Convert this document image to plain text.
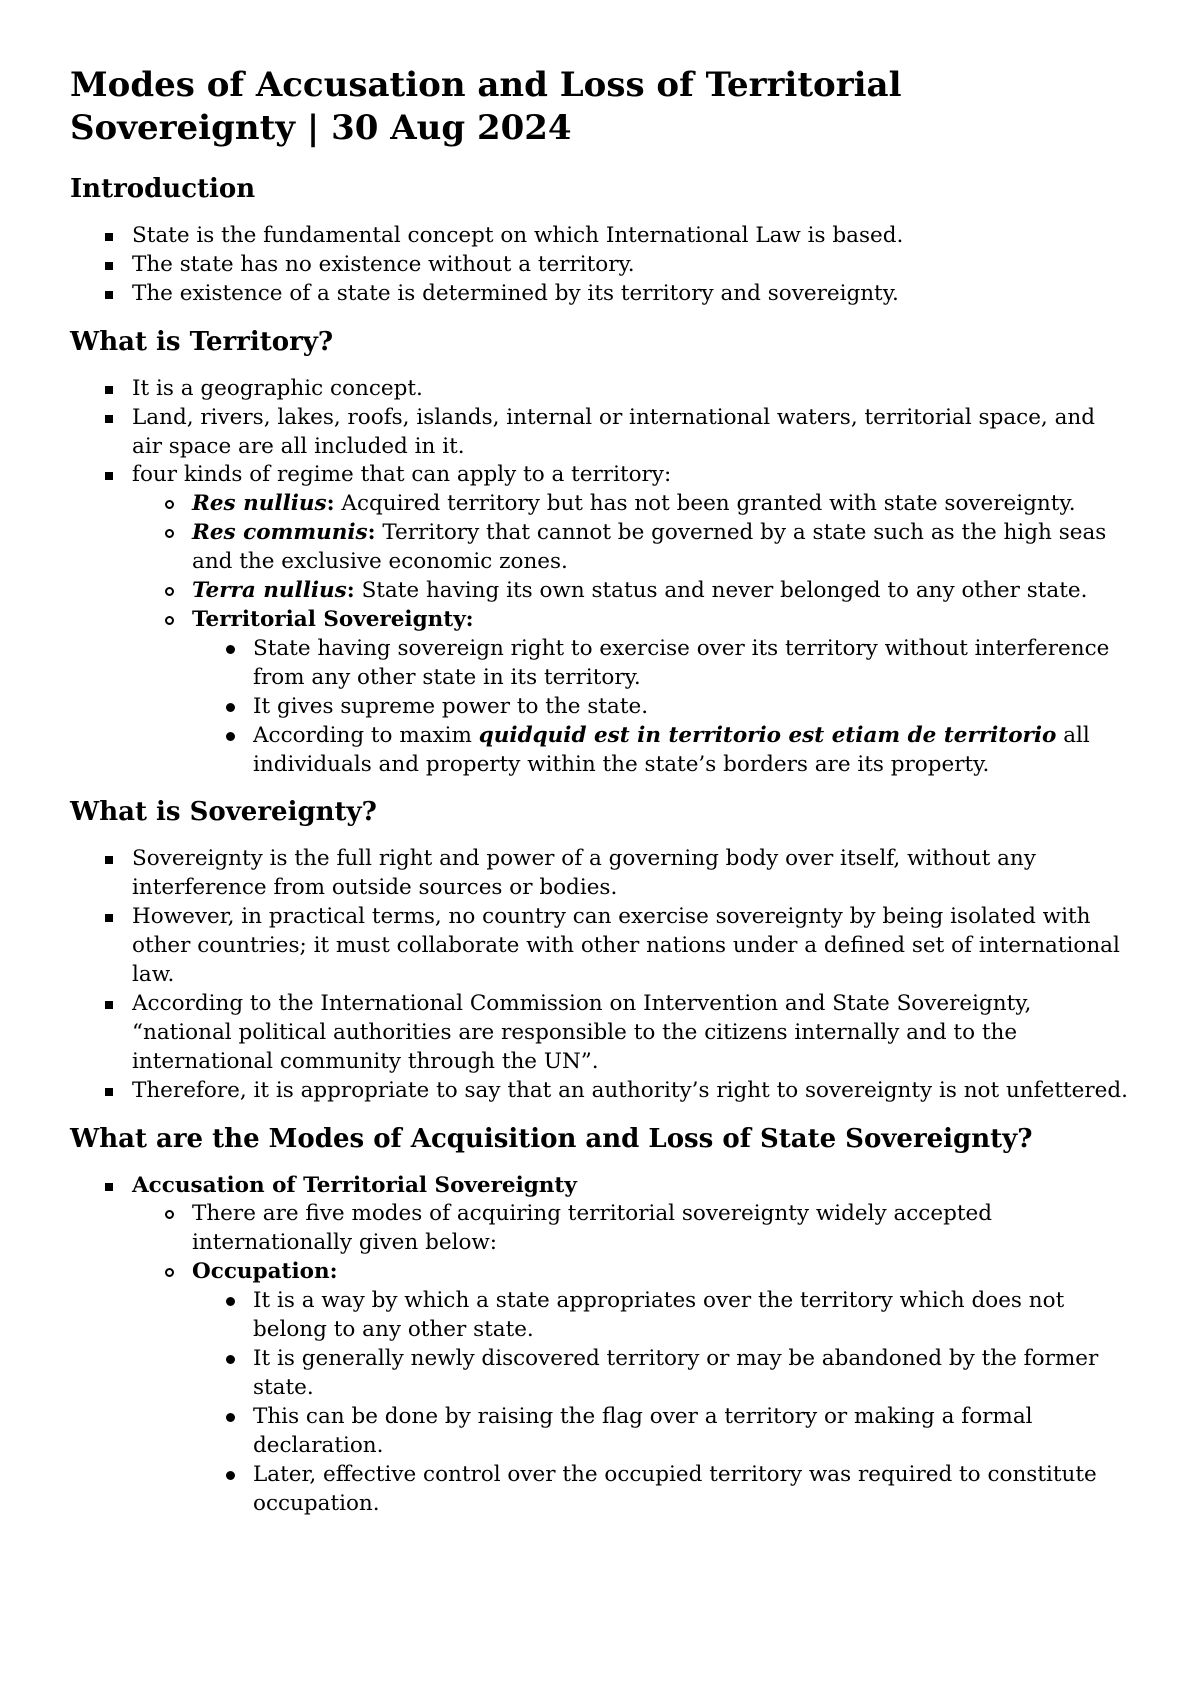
Modes of Accusation and Loss of Territorial Sovereignty | 30 Aug 2024
Introduction
State is the fundamental concept on which International Law is based.
The state has no existence without a territory.
The existence of a state is determined by its territory and sovereignty.
What is Territory?
It is a geographic concept.
Land, rivers, lakes, roofs, islands, internal or international waters, territorial space, and air space are all included in it.
four kinds of regime that can apply to a territory:
Res nullius: Acquired territory but has not been granted with state sovereignty.
Res communis: Territory that cannot be governed by a state such as the high seas and the exclusive economic zones.
Terra nullius: State having its own status and never belonged to any other state.
Territorial Sovereignty:
State having sovereign right to exercise over its territory without interference from any other state in its territory.
It gives supreme power to the state.
According to maxim quidquid est in territorio est etiam de territorio all individuals and property within the state’s borders are its property.
What is Sovereignty?
Sovereignty is the full right and power of a governing body over itself, without any interference from outside sources or bodies.
However, in practical terms, no country can exercise sovereignty by being isolated with other countries; it must collaborate with other nations under a defined set of international law.
According to the International Commission on Intervention and State Sovereignty, “national political authorities are responsible to the citizens internally and to the international community through the UN”.
Therefore, it is appropriate to say that an authority’s right to sovereignty is not unfettered.
What are the Modes of Acquisition and Loss of State Sovereignty?
Accusation of Territorial Sovereignty
There are five modes of acquiring territorial sovereignty widely accepted internationally given below:
Occupation:
It is a way by which a state appropriates over the territory which does not belong to any other state.
It is generally newly discovered territory or may be abandoned by the former state.
This can be done by raising the flag over a territory or making a formal declaration.
Later, effective control over the occupied territory was required to constitute occupation.
